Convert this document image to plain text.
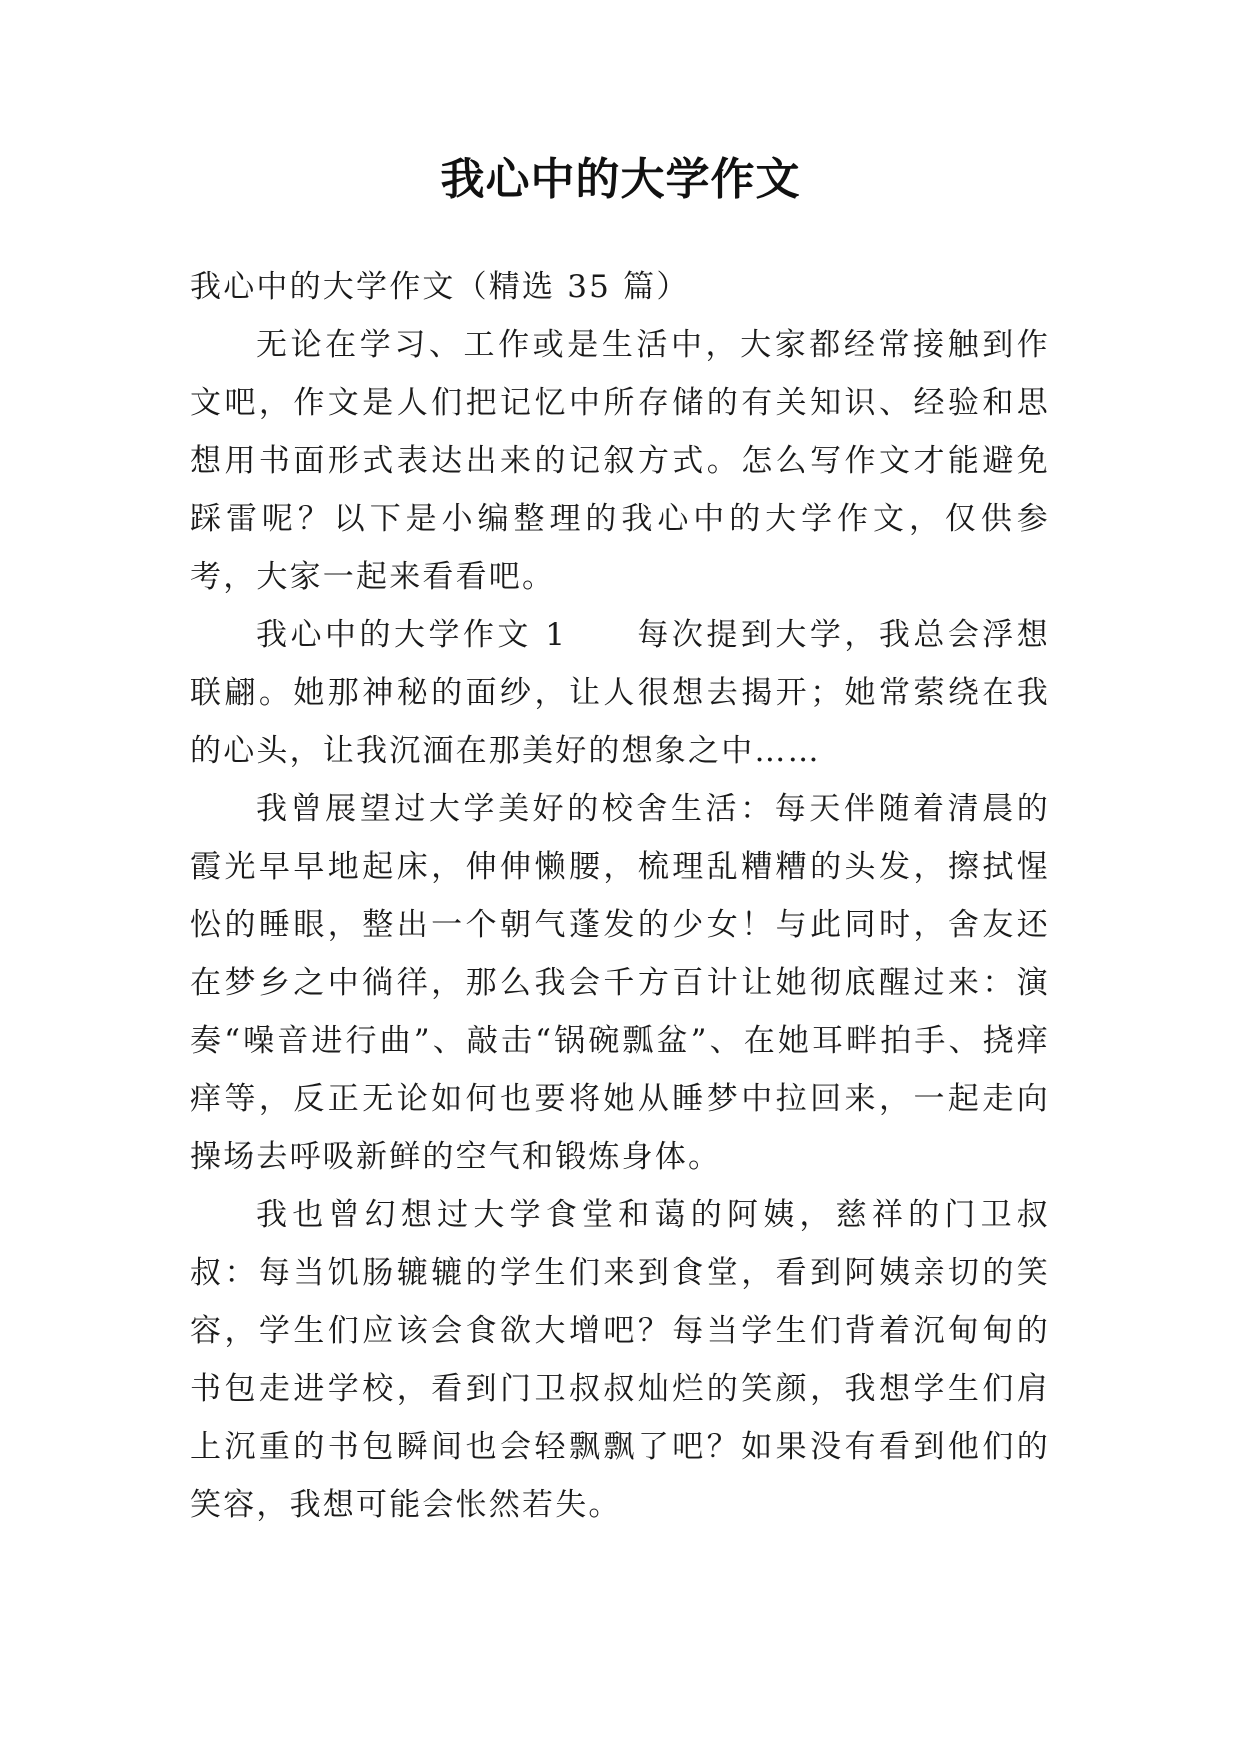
我心中的大学作文

我心中的大学作文（精选 35 篇）

无论在学习、工作或是生活中，大家都经常接触到作文吧，作文是人们把记忆中所存储的有关知识、经验和思想用书面形式表达出来的记叙方式。怎么写作文才能避免踩雷呢？以下是小编整理的我心中的大学作文，仅供参考，大家一起来看看吧。

我心中的大学作文 1　　每次提到大学，我总会浮想联翩。她那神秘的面纱，让人很想去揭开；她常萦绕在我的心头，让我沉湎在那美好的想象之中……

我曾展望过大学美好的校舍生活：每天伴随着清晨的霞光早早地起床，伸伸懒腰，梳理乱糟糟的头发，擦拭惺忪的睡眼，整出一个朝气蓬发的少女！与此同时，舍友还在梦乡之中徜徉，那么我会千方百计让她彻底醒过来：演奏“噪音进行曲”、敲击“锅碗瓢盆”、在她耳畔拍手、挠痒痒等，反正无论如何也要将她从睡梦中拉回来，一起走向操场去呼吸新鲜的空气和锻炼身体。

我也曾幻想过大学食堂和蔼的阿姨，慈祥的门卫叔叔：每当饥肠辘辘的学生们来到食堂，看到阿姨亲切的笑容，学生们应该会食欲大增吧？每当学生们背着沉甸甸的书包走进学校，看到门卫叔叔灿烂的笑颜，我想学生们肩上沉重的书包瞬间也会轻飘飘了吧？如果没有看到他们的笑容，我想可能会怅然若失。
